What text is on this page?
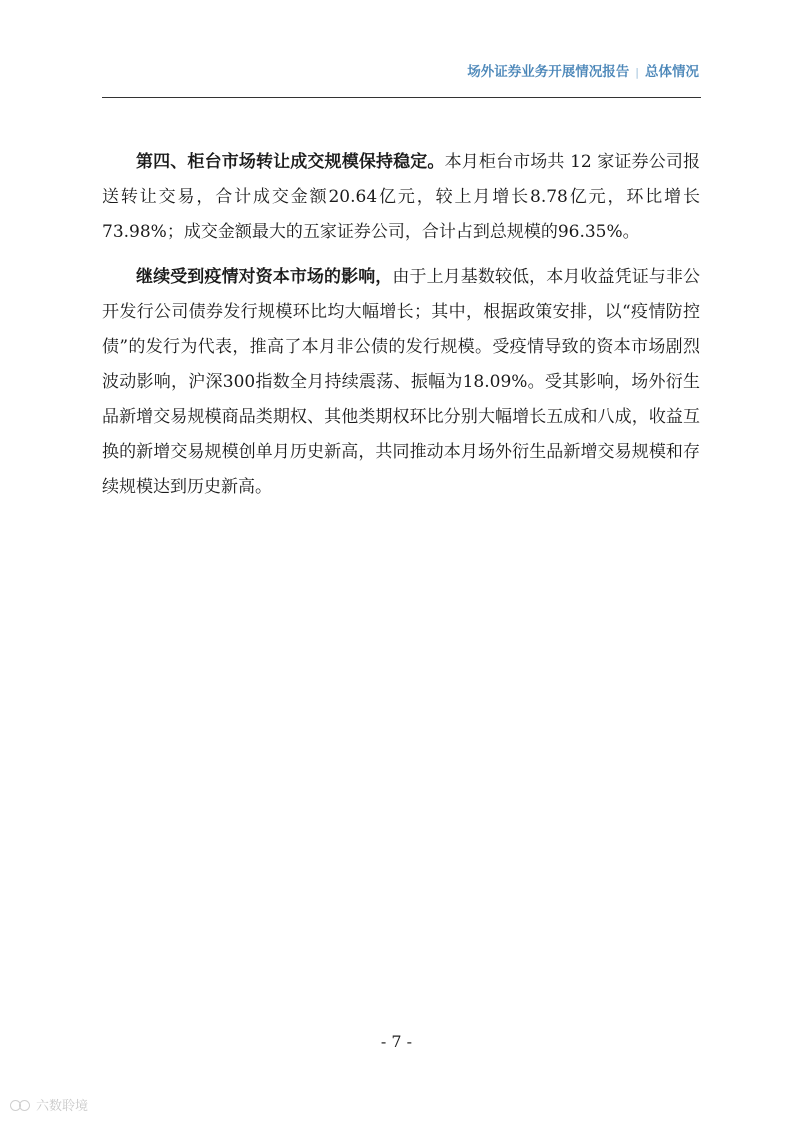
场外证券业务开展情况报告 | 总体情况

第四、柜台市场转让成交规模保持稳定。本月柜台市场共 12 家证券公司报送转让交易，合计成交金额20.64亿元，较上月增长8.78亿元，环比增长73.98%；成交金额最大的五家证券公司，合计占到总规模的96.35%。

继续受到疫情对资本市场的影响，由于上月基数较低，本月收益凭证与非公开发行公司债券发行规模环比均大幅增长；其中，根据政策安排，以“疫情防控债”的发行为代表，推高了本月非公债的发行规模。受疫情导致的资本市场剧烈波动影响，沪深300指数全月持续震荡、振幅为18.09%。受其影响，场外衍生品新增交易规模商品类期权、其他类期权环比分别大幅增长五成和八成，收益互换的新增交易规模创单月历史新高，共同推动本月场外衍生品新增交易规模和存续规模达到历史新高。

- 7 -
六数聆境
